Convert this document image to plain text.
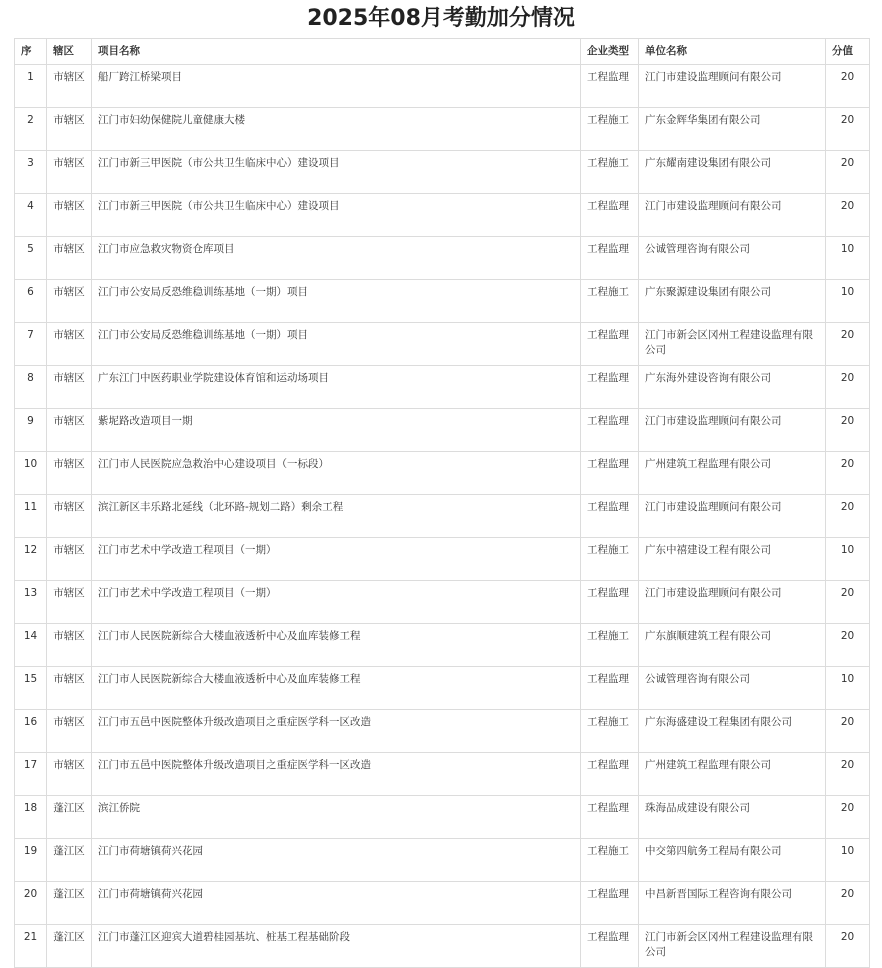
2025年08月考勤加分情况
序	辖区	项目名称	企业类型	单位名称	分值
1	市辖区	船厂跨江桥梁项目	工程监理	江门市建设监理顾问有限公司	20
2	市辖区	江门市妇幼保健院儿童健康大楼	工程施工	广东金辉华集团有限公司	20
3	市辖区	江门市新三甲医院（市公共卫生临床中心）建设项目	工程施工	广东耀南建设集团有限公司	20
4	市辖区	江门市新三甲医院（市公共卫生临床中心）建设项目	工程监理	江门市建设监理顾问有限公司	20
5	市辖区	江门市应急救灾物资仓库项目	工程监理	公诚管理咨询有限公司	10
6	市辖区	江门市公安局反恐维稳训练基地（一期）项目	工程施工	广东聚源建设集团有限公司	10
7	市辖区	江门市公安局反恐维稳训练基地（一期）项目	工程监理	江门市新会区冈州工程建设监理有限公司	20
8	市辖区	广东江门中医药职业学院建设体育馆和运动场项目	工程监理	广东海外建设咨询有限公司	20
9	市辖区	紫坭路改造项目一期	工程监理	江门市建设监理顾问有限公司	20
10	市辖区	江门市人民医院应急救治中心建设项目（一标段）	工程监理	广州建筑工程监理有限公司	20
11	市辖区	滨江新区丰乐路北延线（北环路-规划二路）剩余工程	工程监理	江门市建设监理顾问有限公司	20
12	市辖区	江门市艺术中学改造工程项目（一期）	工程施工	广东中禧建设工程有限公司	10
13	市辖区	江门市艺术中学改造工程项目（一期）	工程监理	江门市建设监理顾问有限公司	20
14	市辖区	江门市人民医院新综合大楼血液透析中心及血库装修工程	工程施工	广东旗顺建筑工程有限公司	20
15	市辖区	江门市人民医院新综合大楼血液透析中心及血库装修工程	工程监理	公诚管理咨询有限公司	10
16	市辖区	江门市五邑中医院整体升级改造项目之重症医学科一区改造	工程施工	广东海盛建设工程集团有限公司	20
17	市辖区	江门市五邑中医院整体升级改造项目之重症医学科一区改造	工程监理	广州建筑工程监理有限公司	20
18	蓬江区	滨江侨院	工程监理	珠海品成建设有限公司	20
19	蓬江区	江门市荷塘镇荷兴花园	工程施工	中交第四航务工程局有限公司	10
20	蓬江区	江门市荷塘镇荷兴花园	工程监理	中昌新晋国际工程咨询有限公司	20
21	蓬江区	江门市蓬江区迎宾大道碧桂园基坑、桩基工程基础阶段	工程监理	江门市新会区冈州工程建设监理有限公司	20
